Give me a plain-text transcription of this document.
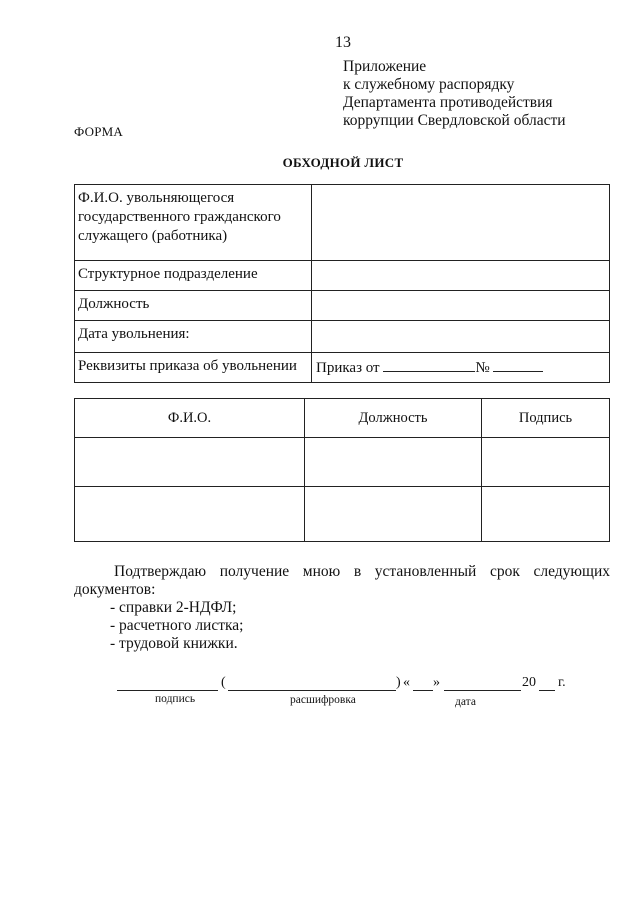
13
Приложение
к служебному распорядку
Департамента противодействия
коррупции Свердловской области
ФОРМА
ОБХОДНОЙ ЛИСТ
Ф.И.О. увольняющегося государственного гражданского служащего (работника)	
Структурное подразделение	
Должность	
Дата увольнения:	
Реквизиты приказа об увольнении	Приказ от №
Ф.И.О.	Должность	Подпись

Подтверждаю получение мною в установленный срок следующих
документов:
- справки 2-НДФЛ;
- расчетного листка;
- трудовой книжки.
(	) « »	20 г.
подпись	расшифровка	дата
